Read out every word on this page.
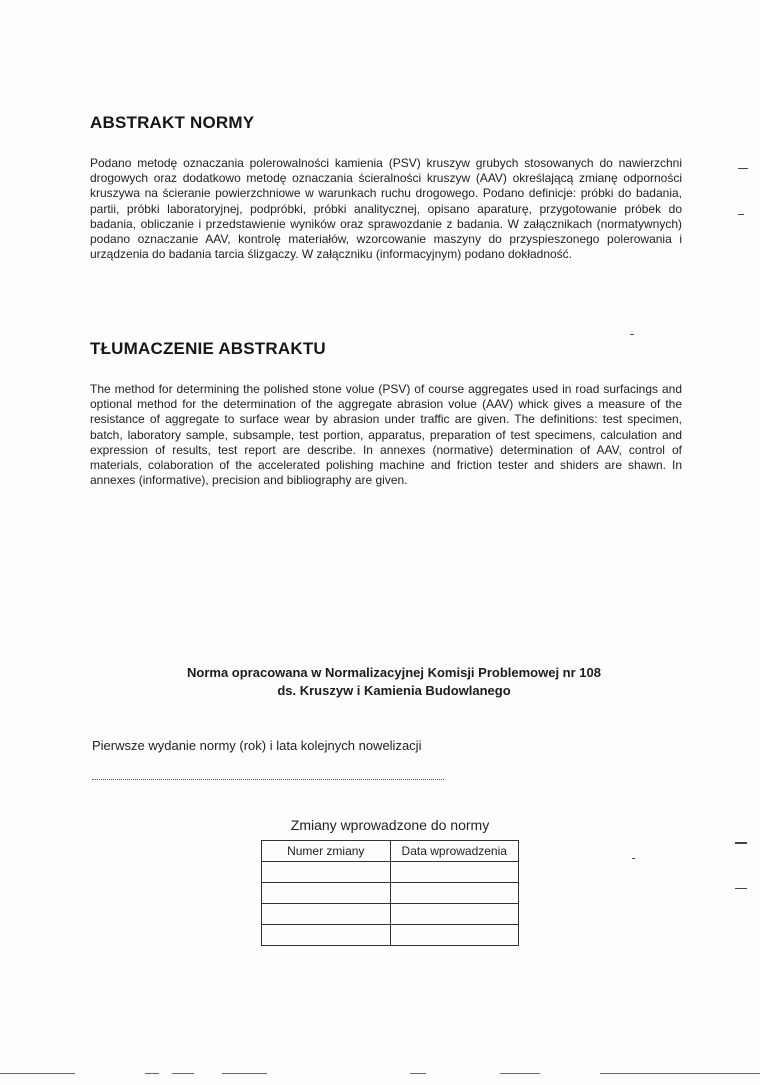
ABSTRAKT NORMY

Podano metodę oznaczania polerowalności kamienia (PSV) kruszyw grubych stosowanych do nawierzchni drogowych oraz dodatkowo metodę oznaczania ścieralności kruszyw (AAV) określającą zmianę odporności kruszywa na ścieranie powierzchniowe w warunkach ruchu drogowego. Podano definicje: próbki do badania, partii, próbki laboratoryjnej, podpróbki, próbki analitycznej, opisano aparaturę, przygotowanie próbek do badania, obliczanie i przedstawienie wyników oraz sprawozdanie z badania. W załącznikach (normatywnych) podano oznaczanie AAV, kontrolę materiałów, wzorcowanie maszyny do przyspieszonego polerowania i urządzenia do badania tarcia ślizgaczy. W załączniku (informacyjnym) podano dokładność.

TŁUMACZENIE ABSTRAKTU

The method for determining the polished stone volue (PSV) of course aggregates used in road surfacings and optional method for the determination of the aggregate abrasion volue (AAV) whick gives a measure of the resistance of aggregate to surface wear by abrasion under traffic are given. The definitions: test specimen, batch, laboratory sample, subsample, test portion, apparatus, preparation of test specimens, calculation and expression of results, test report are describe. In annexes (normative) determination of AAV, control of materials, colaboration of the accelerated polishing machine and friction tester and shiders are shawn. In annexes (informative), precision and bibliography are given.

Norma opracowana w Normalizacyjnej Komisji Problemowej nr 108
ds. Kruszyw i Kamienia Budowlanego
Pierwsze wydanie normy (rok) i lata kolejnych nowelizacji
Zmiany wprowadzone do normy
Numer zmiany	Data wprowadzenia
